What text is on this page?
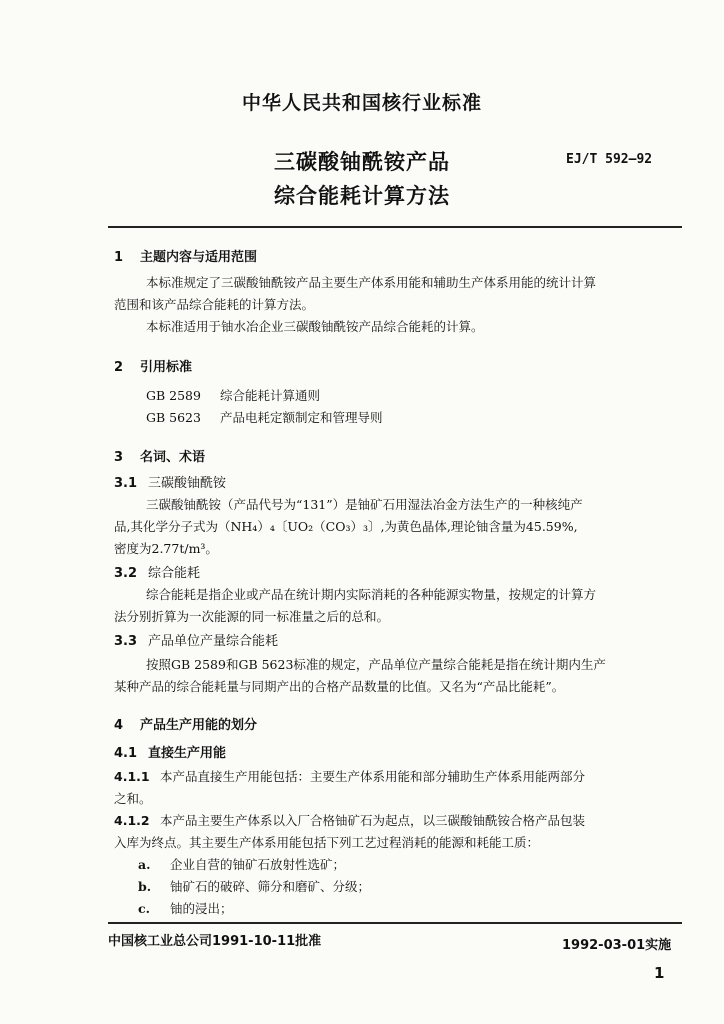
中华人民共和国核行业标准
三碳酸铀酰铵产品
综合能耗计算方法
EJ/T 592—92
1 主题内容与适用范围
本标准规定了三碳酸铀酰铵产品主要生产体系用能和辅助生产体系用能的统计计算
范围和该产品综合能耗的计算方法。
本标准适用于铀水冶企业三碳酸铀酰铵产品综合能耗的计算。
2 引用标准
GB 2589 综合能耗计算通则
GB 5623 产品电耗定额制定和管理导则
3 名词、术语
3.1 三碳酸铀酰铵
三碳酸铀酰铵（产品代号为“131”）是铀矿石用湿法冶金方法生产的一种核纯产
品,其化学分子式为（NH₄）₄〔UO₂（CO₃）₃〕,为黄色晶体,理论铀含量为45.59%,
密度为2.77t/m³。
3.2 综合能耗
综合能耗是指企业或产品在统计期内实际消耗的各种能源实物量，按规定的计算方
法分别折算为一次能源的同一标准量之后的总和。
3.3 产品单位产量综合能耗
按照GB 2589和GB 5623标准的规定，产品单位产量综合能耗是指在统计期内生产
某种产品的综合能耗量与同期产出的合格产品数量的比值。又名为“产品比能耗”。
4 产品生产用能的划分
4.1 直接生产用能
4.1.1 本产品直接生产用能包括：主要生产体系用能和部分辅助生产体系用能两部分
之和。
4.1.2 本产品主要生产体系以入厂合格铀矿石为起点，以三碳酸铀酰铵合格产品包装
入库为终点。其主要生产体系用能包括下列工艺过程消耗的能源和耗能工质：
a. 企业自营的铀矿石放射性选矿；
b. 铀矿石的破碎、筛分和磨矿、分级；
c. 铀的浸出；
中国核工业总公司1991-10-11批准	1992-03-01实施
1
